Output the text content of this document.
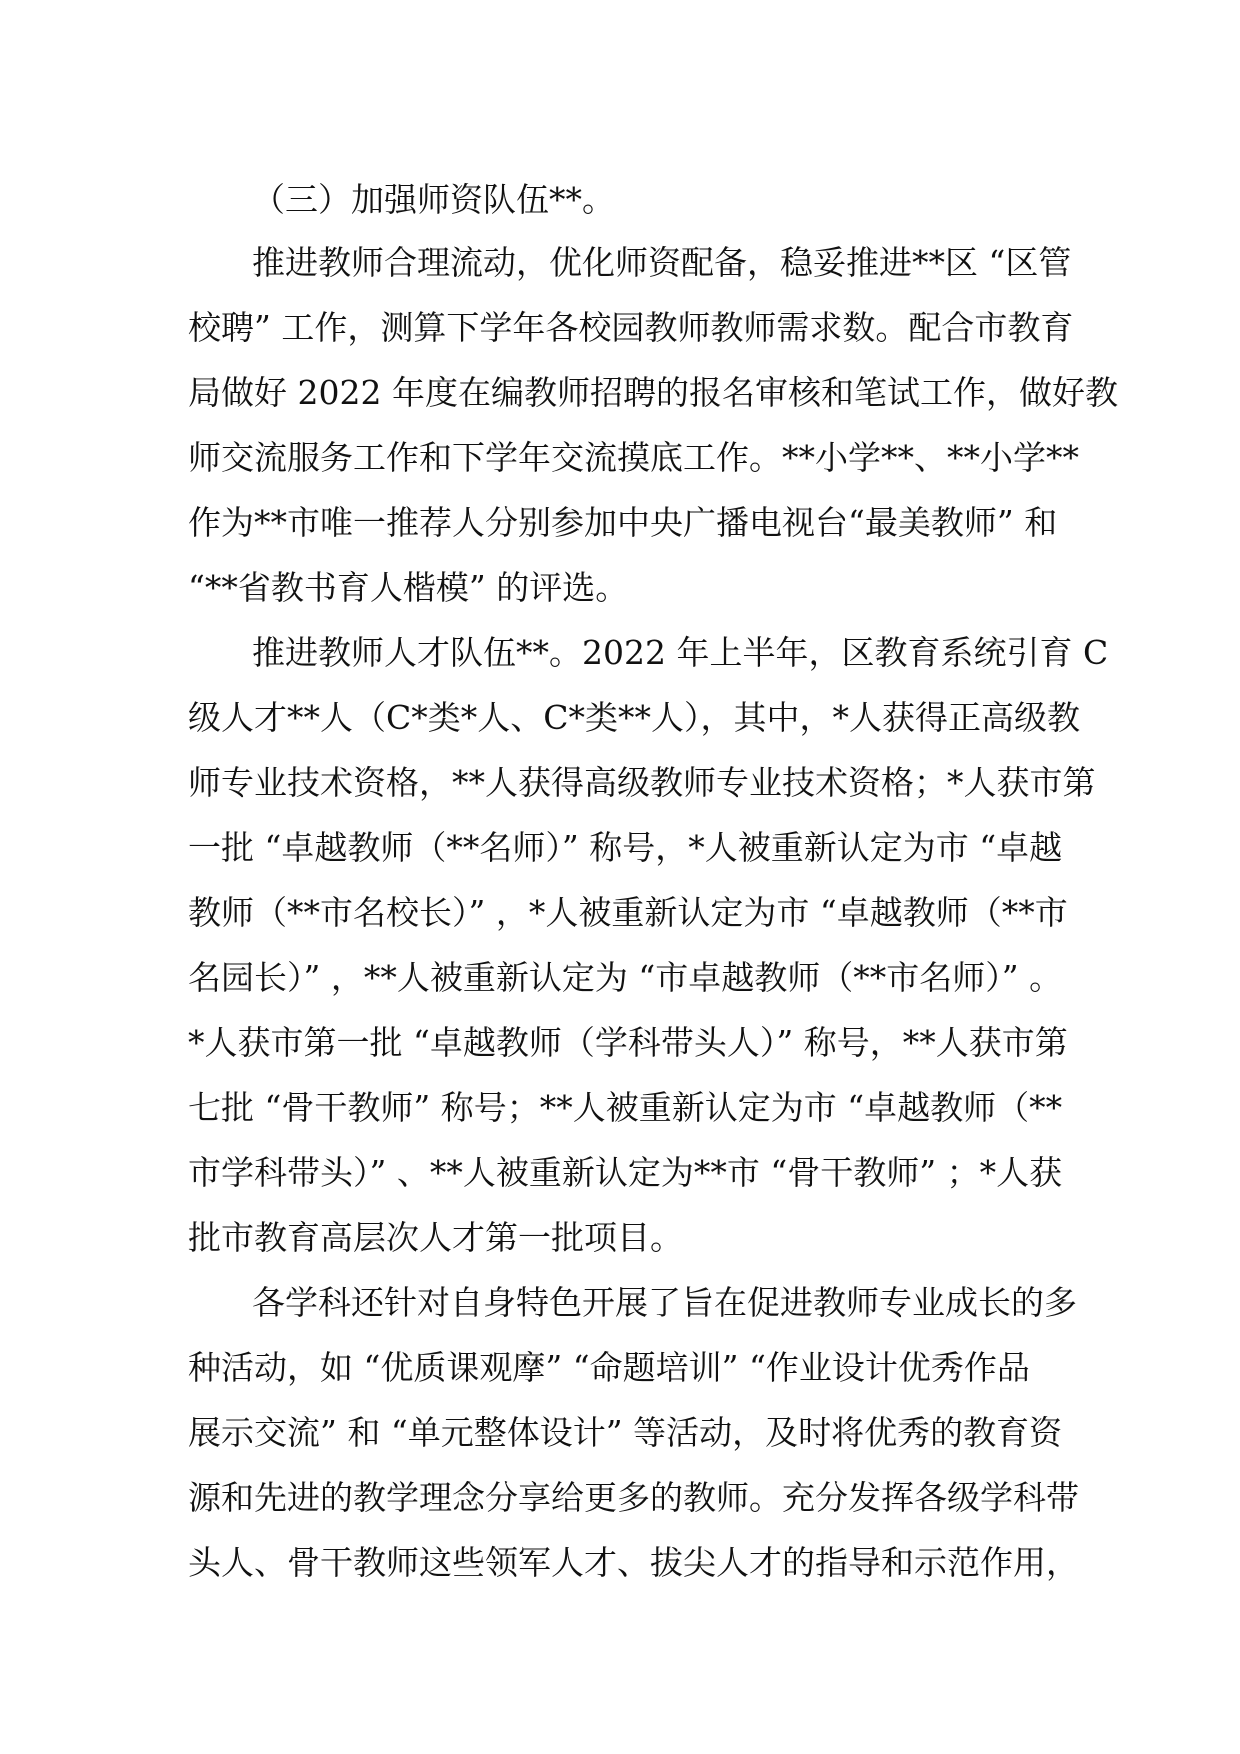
（三）加强师资队伍**。

推进教师合理流动，优化师资配备，稳妥推进**区 “区管

校聘” 工作，测算下学年各校园教师教师需求数。配合市教育

局做好 2022 年度在编教师招聘的报名审核和笔试工作，做好教

师交流服务工作和下学年交流摸底工作。**小学**、**小学**

作为**市唯一推荐人分别参加中央广播电视台“最美教师” 和

“**省教书育人楷模” 的评选。

推进教师人才队伍**。2022 年上半年，区教育系统引育 C

级人才**人（C*类*人、C*类**人），其中，*人获得正高级教

师专业技术资格，**人获得高级教师专业技术资格；*人获市第

一批 “卓越教师（**名师）” 称号，*人被重新认定为市 “卓越

教师（**市名校长）” ，*人被重新认定为市 “卓越教师（**市

名园长）” ，**人被重新认定为 “市卓越教师（**市名师）” 。

*人获市第一批 “卓越教师（学科带头人）” 称号，**人获市第

七批 “骨干教师” 称号；**人被重新认定为市 “卓越教师（**

市学科带头）” 、**人被重新认定为**市 “骨干教师” ；*人获

批市教育高层次人才第一批项目。

各学科还针对自身特色开展了旨在促进教师专业成长的多

种活动，如 “优质课观摩” “命题培训” “作业设计优秀作品

展示交流” 和 “单元整体设计” 等活动，及时将优秀的教育资

源和先进的教学理念分享给更多的教师。充分发挥各级学科带

头人、骨干教师这些领军人才、拔尖人才的指导和示范作用，
